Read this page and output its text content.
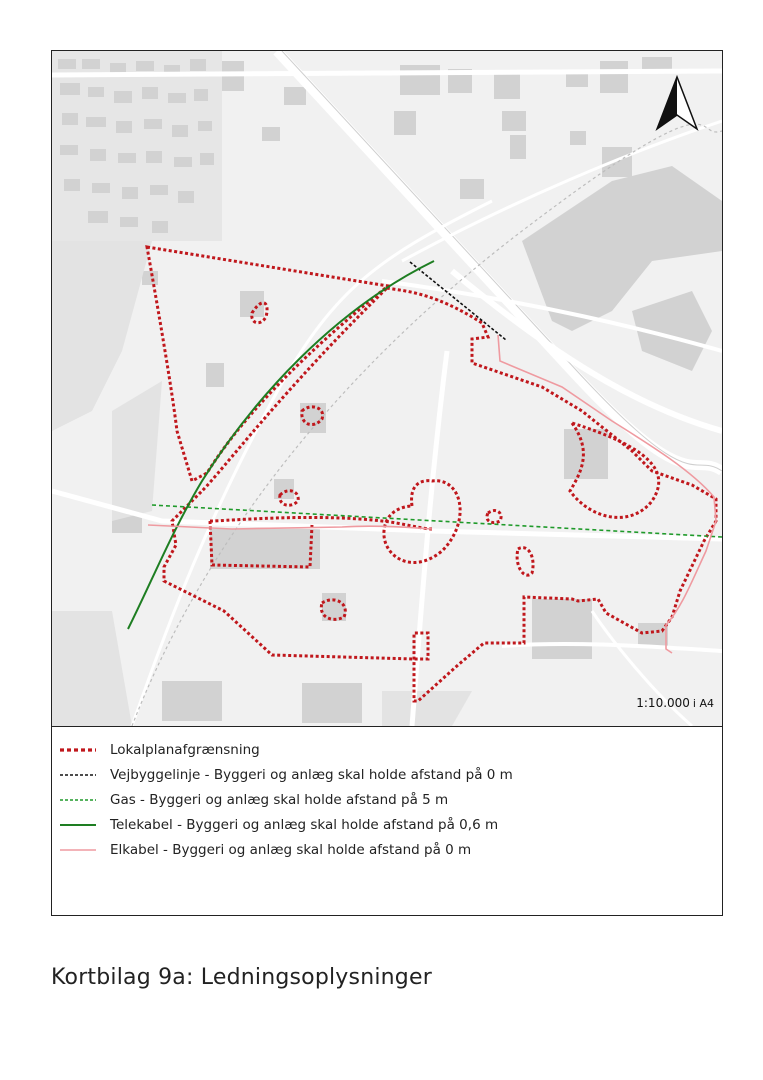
1:10.000 i A4
Lokalplanafgrænsning
Vejbyggelinje - Byggeri og anlæg skal holde afstand på 0 m
Gas - Byggeri og anlæg skal holde afstand på 5 m
Telekabel - Byggeri og anlæg skal holde afstand på 0,6 m
Elkabel - Byggeri og anlæg skal holde afstand på 0 m
Kortbilag 9a: Ledningsoplysninger
